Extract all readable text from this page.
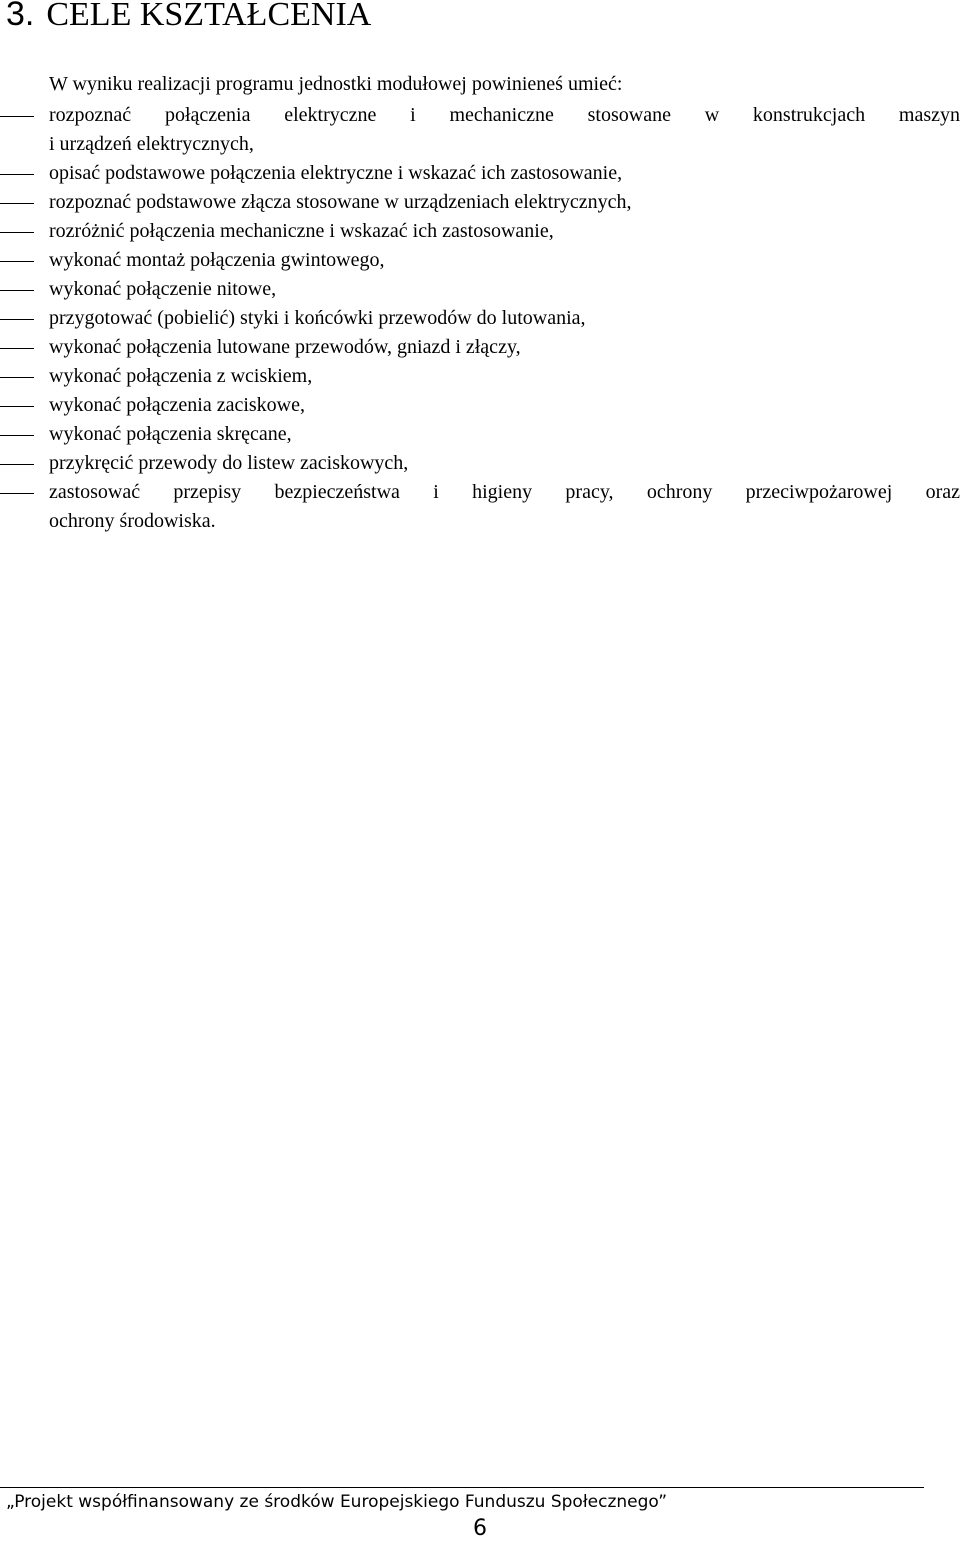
3. CELE KSZTAŁCENIA

W wyniku realizacji programu jednostki modułowej powinieneś umieć:

rozpoznać połączenia elektryczne i mechaniczne stosowane w konstrukcjach maszyn
i urządzeń elektrycznych,
opisać podstawowe połączenia elektryczne i wskazać ich zastosowanie,
rozpoznać podstawowe złącza stosowane w urządzeniach elektrycznych,
rozróżnić połączenia mechaniczne i wskazać ich zastosowanie,
wykonać montaż połączenia gwintowego,
wykonać połączenie nitowe,
przygotować (pobielić) styki i końcówki przewodów do lutowania,
wykonać połączenia lutowane przewodów, gniazd i złączy,
wykonać połączenia z wciskiem,
wykonać połączenia zaciskowe,
wykonać połączenia skręcane,
przykręcić przewody do listew zaciskowych,
zastosować przepisy bezpieczeństwa i higieny pracy, ochrony przeciwpożarowej oraz
ochrony środowiska.

„Projekt współfinansowany ze środków Europejskiego Funduszu Społecznego”

6
